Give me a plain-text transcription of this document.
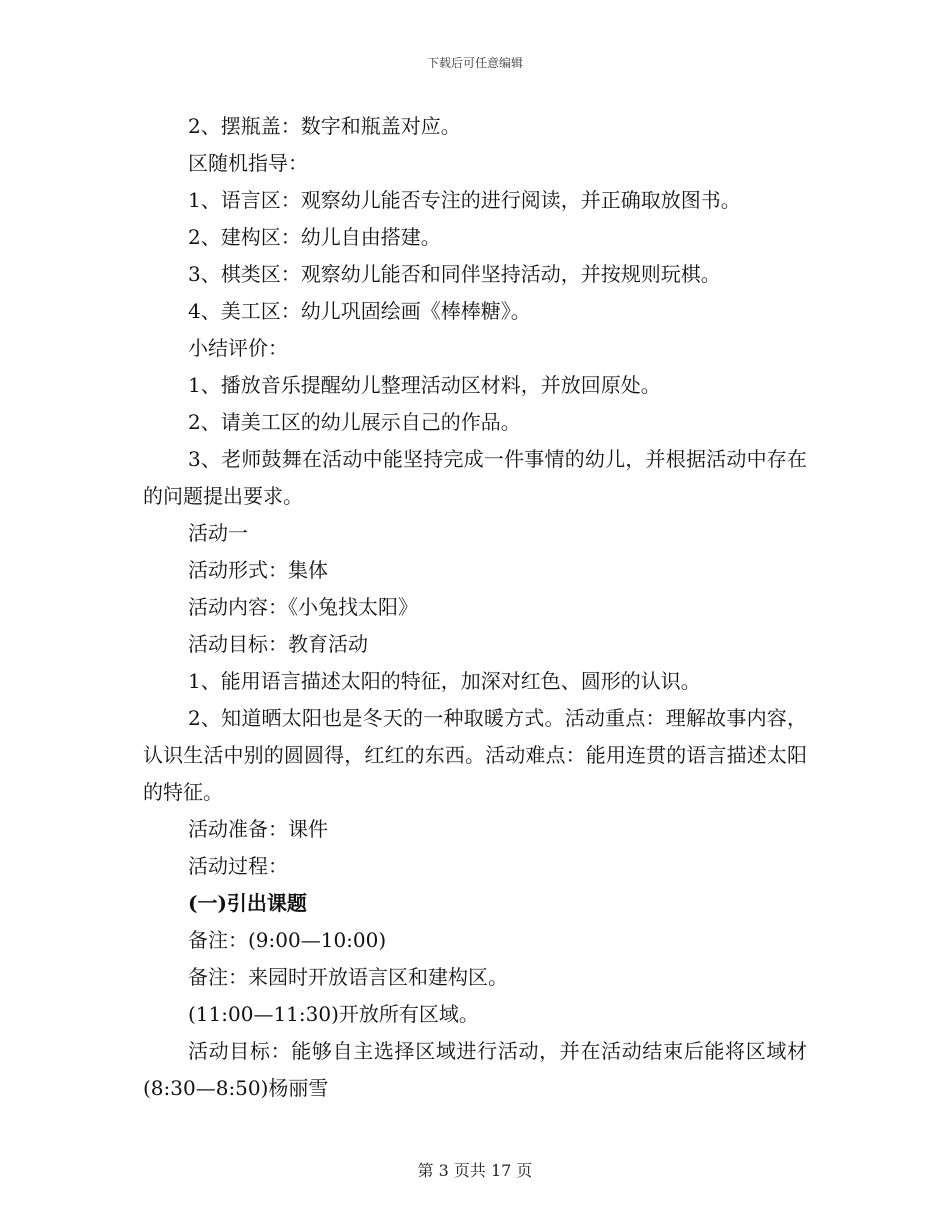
下载后可任意编辑

2、摆瓶盖：数字和瓶盖对应。

区随机指导：

1、语言区：观察幼儿能否专注的进行阅读，并正确取放图书。

2、建构区：幼儿自由搭建。

3、棋类区：观察幼儿能否和同伴坚持活动，并按规则玩棋。

4、美工区：幼儿巩固绘画《棒棒糖》。

小结评价：

1、播放音乐提醒幼儿整理活动区材料，并放回原处。

2、请美工区的幼儿展示自己的作品。

3、老师鼓舞在活动中能坚持完成一件事情的幼儿，并根据活动中存在的问题提出要求。

活动一

活动形式：集体

活动内容：《小兔找太阳》

活动目标：教育活动

1、能用语言描述太阳的特征，加深对红色、圆形的认识。

2、知道晒太阳也是冬天的一种取暖方式。活动重点：理解故事内容，认识生活中别的圆圆得，红红的东西。活动难点：能用连贯的语言描述太阳的特征。

活动准备：课件

活动过程：

(一)引出课题

备注：(9:00—10:00)

备注：来园时开放语言区和建构区。

(11:00—11:30)开放所有区域。

活动目标：能够自主选择区域进行活动，并在活动结束后能将区域材(8:30—8:50)杨丽雪

第 3 页共 17 页
